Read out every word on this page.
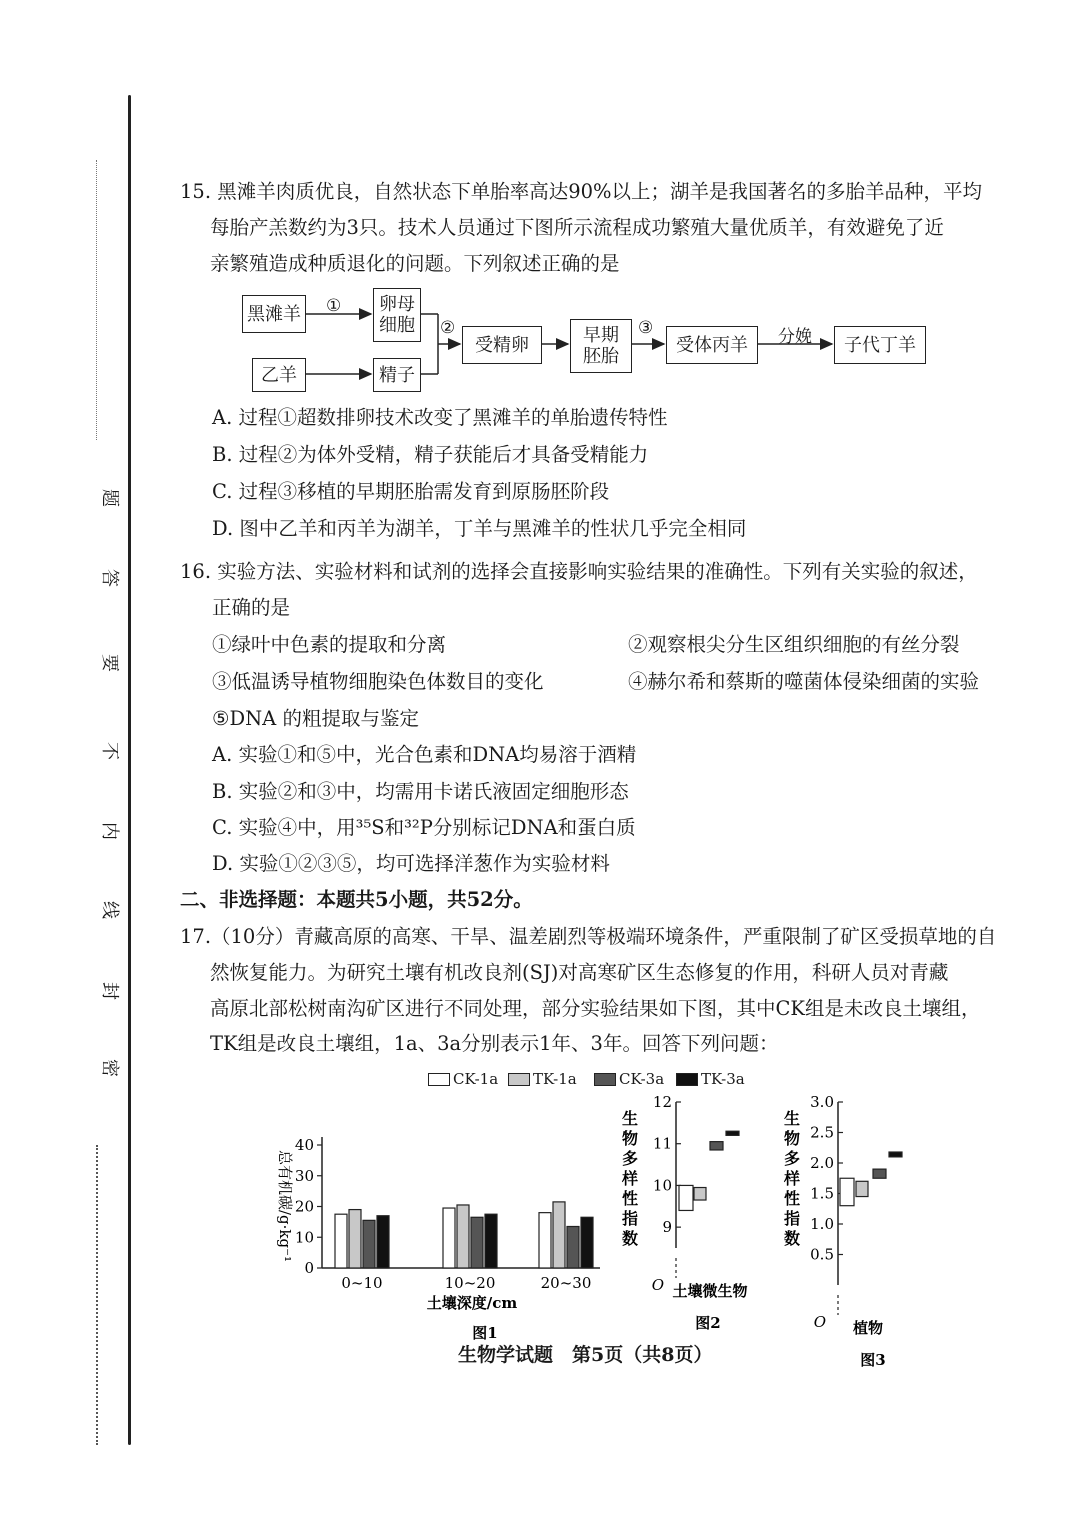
题
答
要
不
内
线
封
密
15. 黑滩羊肉质优良，自然状态下单胎率高达90%以上；湖羊是我国著名的多胎羊品种，平均
每胎产羔数约为3只。技术人员通过下图所示流程成功繁殖大量优质羊，有效避免了近
亲繁殖造成种质退化的问题。下列叙述正确的是
黑滩羊
乙羊
卵母
细胞
精子
受精卵	早期
胚胎
受体丙羊	子代丁羊
①
②	③	分娩
A. 过程①超数排卵技术改变了黑滩羊的单胎遗传特性
B. 过程②为体外受精，精子获能后才具备受精能力
C. 过程③移植的早期胚胎需发育到原肠胚阶段
D. 图中乙羊和丙羊为湖羊，丁羊与黑滩羊的性状几乎完全相同
16. 实验方法、实验材料和试剂的选择会直接影响实验结果的准确性。下列有关实验的叙述，
正确的是
①绿叶中色素的提取和分离	②观察根尖分生区组织细胞的有丝分裂
③低温诱导植物细胞染色体数目的变化	④赫尔希和蔡斯的噬菌体侵染细菌的实验
⑤DNA 的粗提取与鉴定
A. 实验①和⑤中，光合色素和DNA均易溶于酒精
B. 实验②和③中，均需用卡诺氏液固定细胞形态
C. 实验④中，用³⁵S和³²P分别标记DNA和蛋白质
D. 实验①②③⑤，均可选择洋葱作为实验材料
二、非选择题：本题共5小题，共52分。
17.（10分）青藏高原的高寒、干旱、温差剧烈等极端环境条件，严重限制了矿区受损草地的自
然恢复能力。为研究土壤有机改良剂(SJ)对高寒矿区生态修复的作用，科研人员对青藏
高原北部松树南沟矿区进行不同处理，部分实验结果如下图，其中CK组是未改良土壤组，
TK组是改良土壤组，1a、3a分别表示1年、3年。回答下列问题：
CK-1a TK-1a	CK-3a TK-3a
0
10
20
30
40
总有机碳/g·kg⁻¹
0~10	10~20	20~30
土壤深度/cm
图1
9
10
11
12
O
生
物
多
样
性
指
数
土壤微生物
图2
0.5
1.0
1.5
2.0
2.5
3.0
O
生
物
多
样
性
指
数
植物
图3
生物学试题　第5页（共8页）
